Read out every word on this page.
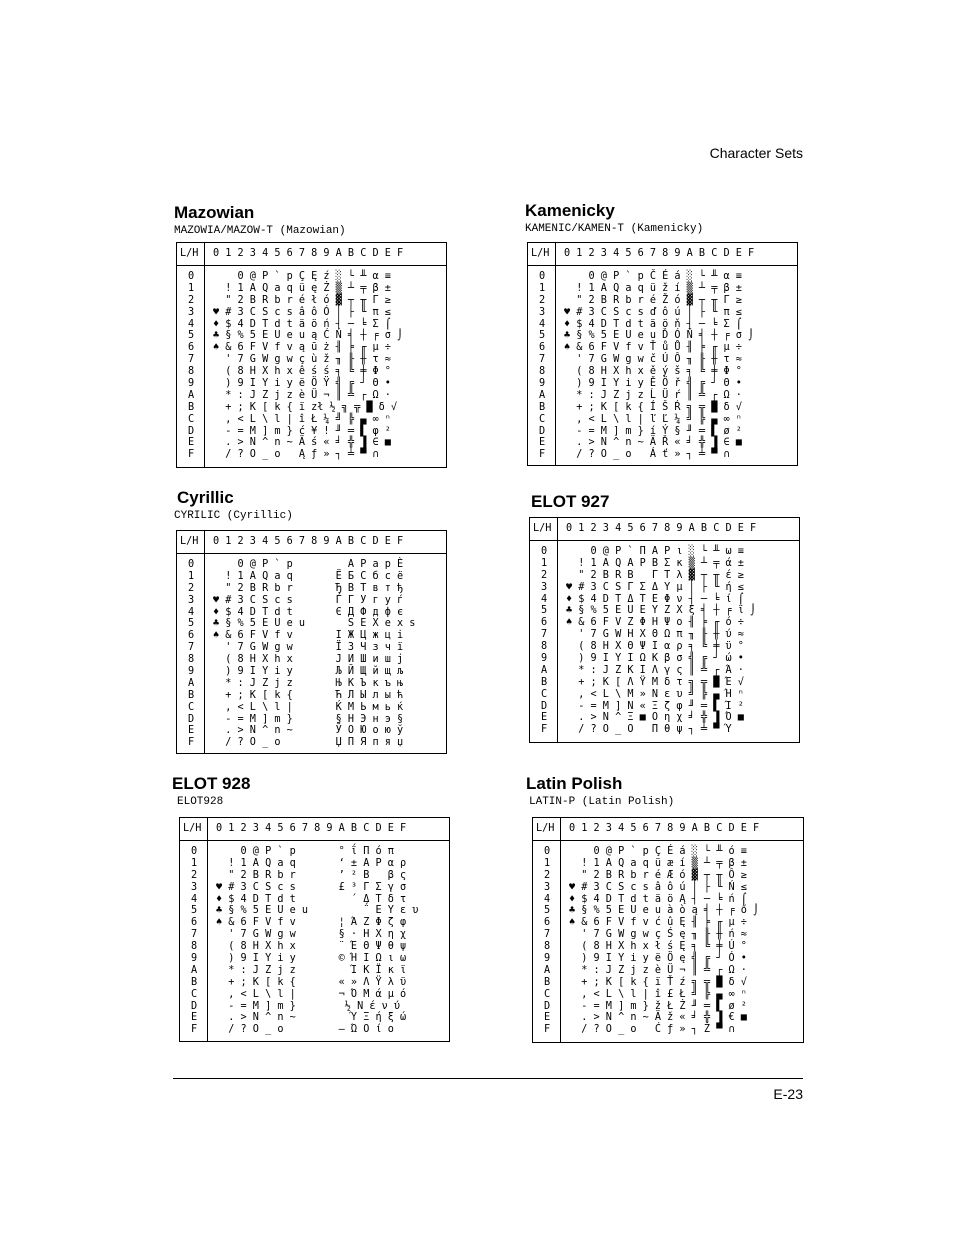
Character Sets
Mazowian
MAZOWIA/MAZOW-T (Mazowian)
L/H 0 1 2 3 4 5 6 7 8 9 A B C D E F
0
1
2
3
4
5
6
7
8
9
A
B
C
D
E
F
0 @ P ` p Ç Ę ź ░ └ ╨ α ≡
! 1 A Q a q ü ę Ż ▒ ┴ ╤ β ±
" 2 B R b r é ł ó ▓ ┬ ╥ Γ ≥
♥ # 3 C S c s â ô Ó │ ├ ╙ π ≤
♦ $ 4 D T d t ä ö ń ┤ ─ ╘ Σ ⌠
♣ § % 5 E U e u ą Ć Ń ╡ ┼ ╒ σ ⌡
♠ & 6 F V f v ą ū ż ╢ ╞ ╓ µ ÷
' 7 G W g w ç ù ž ╖ ╟ ╫ τ ≈
( 8 H X h x ê ś ś ╕ ╚ ╪ Φ °
) 9 I Y i y ë Ö Ÿ ╣ ╔ ┘ Θ •
* : J Z j z è Ü ¬ ║ ╩ ┌ Ω ·
+ ; K [ k { ï zł ½ ╗ ╦ █ δ √
, < L \ l | î Ł ¼ ╝ ╠ ▄ ∞ ⁿ
- = M ] m } ć ¥ ! ╜ ═ ▌ φ ²
. > N ^ n ~ Ä ś « ╛ ╬ ▐ ∈ ■
/ ? O _ o   Ą ƒ » ┐ ╧ ▀ ∩
Kamenicky
KAMENIC/KAMEN-T (Kamenicky)
L/H 0 1 2 3 4 5 6 7 8 9 A B C D E F
0
1
2
3
4
5
6
7
8
9
A
B
C
D
E
F
0 @ P ` p Č É á ░ └ ╨ α ≡
! 1 A Q a q ü ž í ▒ ┴ ╤ β ±
" 2 B R b r é Ž ó ▓ ┬ ╥ Γ ≥
♥ # 3 C S c s ď ô ú │ ├ ╙ π ≤
♦ $ 4 D T d t ä ö ň ┤ ─ ╘ Σ ⌠
♣ § % 5 E U e u Ď Ó Ň ╡ ┼ ╒ σ ⌡
♠ & 6 F V f v Ť ů Ů ╢ ╞ ╓ µ ÷
' 7 G W g w č Ú Ô ╖ ╟ ╫ τ ≈
( 8 H X h x ě ý š ╕ ╚ ╪ Φ °
) 9 I Y i y Ě Ö ř ╣ ╔ ┘ Θ •
* : J Z j z Ĺ Ü ŕ ║ ╩ ┌ Ω ·
+ ; K [ k { Í Š Ŕ ╗ ╦ █ δ √
, < L \ l | ľ Ľ ¼ ╝ ╠ ▄ ∞ ⁿ
- = M ] m } í Ý § ╜ ═ ▌ ø ²
. > N ^ n ~ Ä Ř « ╛ ╬ ▐ ∈ ■
/ ? O _ o   Á ť » ┐ ╧ ▀ ∩
Cyrillic
CYRILIC (Cyrillic)
L/H 0 1 2 3 4 5 6 7 8 9 A B C D E F
0
1
2
3
4
5
6
7
8
9
A
B
C
D
E
F
0 @ P ` p         А Р а р Ѐ
! 1 A Q a q       Ё Б С б с ё
" 2 B R b r       Ђ В Т в т ђ
♥ # 3 C S c s       Ѓ Г У г у ѓ
♦ $ 4 D T d t       Є Д Ф д ф є
♣ § % 5 E U e u       Ѕ Е Х е х ѕ
♠ & 6 F V f v       І Ж Ц ж ц і
' 7 G W g w       Ї З Ч з ч ї
( 8 H X h x       Ј И Ш и ш ј
) 9 I Y i y       Љ Й Щ й щ љ
* : J Z j z       Њ К Ъ к ъ њ
+ ; K [ k {       Ћ Л Ы л ы ћ
, < L \ l |       Ќ М Ь м ь ќ
- = M ] m }       § Н Э н э §
. > N ^ n ~       Ў О Ю о ю ў
/ ? O _ o         Џ П Я п я џ
ELOT 927
L/H 0 1 2 3 4 5 6 7 8 9 A B C D E F
0
1
2
3
4
5
6
7
8
9
A
B
C
D
E
F
0 @ P ` Π Α Ρ ι ░ └ ╨ ω ≡
! 1 A Q A Ρ Β Σ κ ▒ ┴ ╤ ά ±
" 2 B R B   Γ Τ λ ▓ ┬ ╥ έ ≥
♥ # 3 C S Γ Σ Δ Υ μ │ ├ ╙ ή ≤
♦ $ 4 D T Δ Τ Ε Φ ν ┤ ─ ╘ ί ⌠
♣ § % 5 E U Ε Υ Ζ Χ ξ ╡ ┼ ╒ ϊ ⌡
♠ & 6 F V Ζ Φ Η Ψ ο ╢ ╞ ╓ ό ÷
' 7 G W Η Χ Θ Ω π ╖ ╟ ╫ ύ ≈
( 8 H X Θ Ψ Ι α ρ ╕ ╚ ╪ ϋ °
) 9 I Y Ι Ω Κ β σ ╣ ╔ ┘ ώ •
* : J Z Κ Ι Λ γ ς ║ ╩ ┌ Ά ·
+ ; K [ Λ Ϋ Μ δ τ ╗ ╦ █ Έ √
, < L \ Μ » Ν ε υ ╝ ╠ ▄ Ή ⁿ
- = M ] Ν « Ξ ζ φ ╜ ═ ▌ Ί ²
. > N ^ Ξ ■ Ο η χ ╛ ╬ ▐ Ό ■
/ ? O _ Ο   Π θ ψ ┐ ╧ ▀ Ύ
ELOT 928
ELOT928
L/H 0 1 2 3 4 5 6 7 8 9 A B C D E F
0
1
2
3
4
5
6
7
8
9
A
B
C
D
E
F
0 @ P ` p       ° ΐ Π ό π
! 1 A Q a q       ‘ ± Α Ρ α ρ
" 2 B R b r       ’ ² Β   β ς
♥ # 3 C S c s       £ ³ Γ Σ γ σ
♦ $ 4 D T d t         ΄ Δ Τ δ τ
♣ § % 5 E U e u         ΅ Ε Υ ε υ
♠ & 6 F V f v       ¦ Ά Ζ Φ ζ φ
' 7 G W g w       § · Η Χ η χ
( 8 H X h x       ¨ Έ Θ Ψ θ ψ
) 9 I Y i y       © Ή Ι Ω ι ω
* : J Z j z         Ί Κ Ϊ κ ϊ
+ ; K [ k {       « » Λ Ϋ λ ϋ
, < L \ l |       ¬ Ό Μ ά μ ό
- = M ] m }        ½ Ν έ ν ύ
. > N ^ n ~         Ύ Ξ ή ξ ώ
/ ? O _ o         ― Ώ Ο ί ο
Latin Polish
LATIN-P (Latin Polish)
L/H 0 1 2 3 4 5 6 7 8 9 A B C D E F
0
1
2
3
4
5
6
7
8
9
A
B
C
D
E
F
0 @ P ` p Ç É á ░ └ ╨ ó ≡
! 1 A Q a q ü æ í ▒ ┴ ╤ β ±
" 2 B R b r é Æ ó ▓ ┬ ╥ Ô ≥
♥ # 3 C S c s â ô ú │ ├ ╙ Ń ≤
♦ $ 4 D T d t ä ö Ą ┤ ─ ╘ ń ⌠
♣ § % 5 E U e u à ò ą ╡ ┼ ╒ ő ⌡
♠ & 6 F V f v ć û Ę ╢ ╞ ╓ µ ÷
' 7 G W g w ç Ś ę ╖ ╟ ╫ ń ≈
( 8 H X h x ł ś Ę ╕ ╚ ╪ Ú °
) 9 I Y i y ë Ö ę ╣ ╔ ┘ Ó •
* : J Z j z è Ü ¬ ║ ╩ ┌ Ω ·
+ ; K [ k { ï Ť ź ╗ ╦ █ δ √
, < L \ l | î £ Ł ╝ ╠ ▄ ∞ ⁿ
- = M ] m } ž Ł Ż ╜ ═ ▌ ø ²
. > N ^ n ~ Ä ž « ╛ ╬ ▐ € ■
/ ? O _ o   Ć ƒ » ┐ Ż ▀ ∩
E-23
